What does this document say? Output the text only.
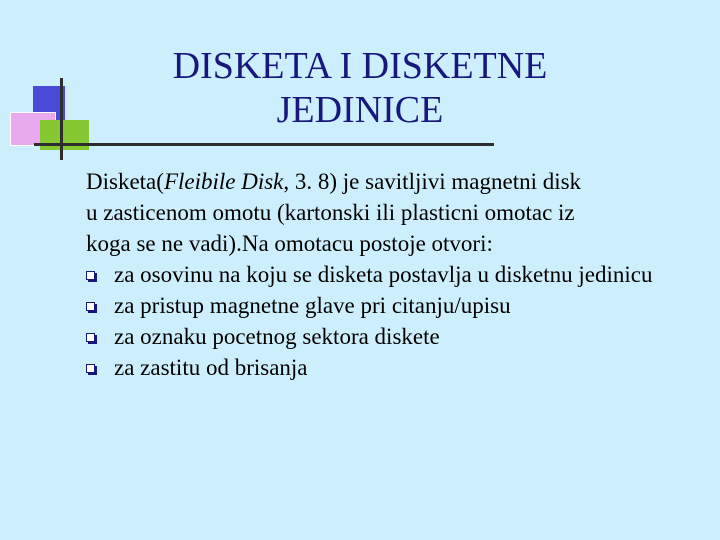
DISKETA I DISKETNE
JEDINICE

Disketa(Fleibile Disk, 3. 8) je savitljivi magnetni disk u zasticenom omotu (kartonski ili plasticni omotac iz koga se ne vadi).Na omotacu postoje otvori:

za osovinu na koju se disketa postavlja u disketnu jedinicu
za pristup magnetne glave pri citanju/upisu
za oznaku pocetnog sektora diskete
za zastitu od brisanja
